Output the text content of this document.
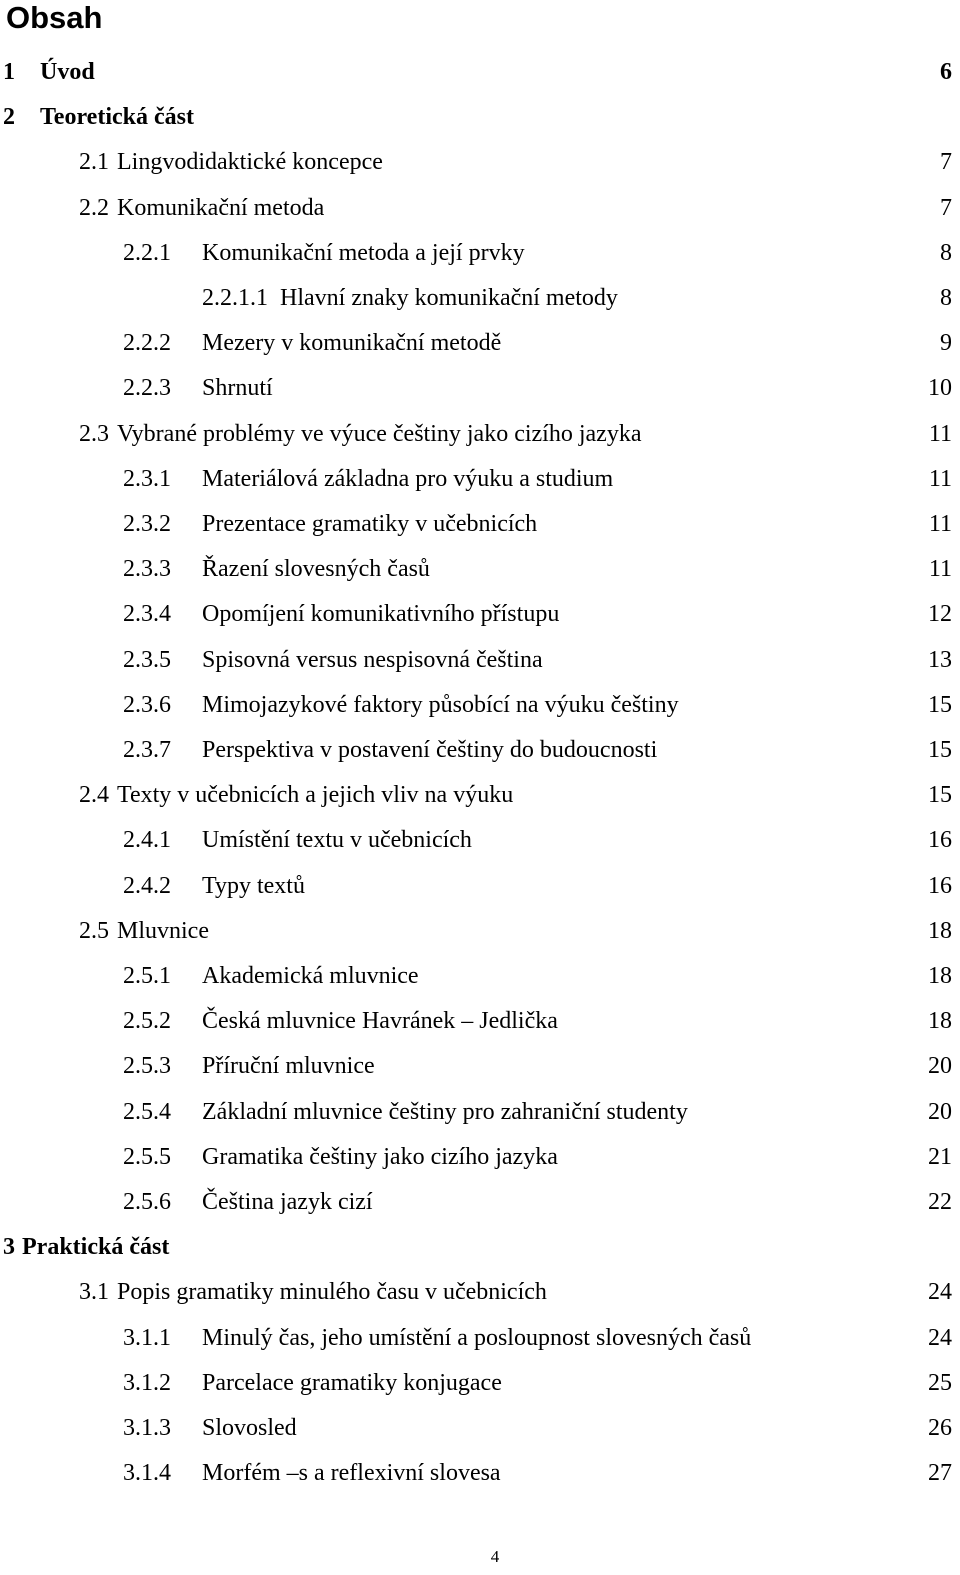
Obsah
1 Úvod	6
2 Teoretická část
2.1 Lingvodidaktické koncepce	7
2.2 Komunikační metoda	7
2.2.1 Komunikační metoda a její prvky	8
2.2.1.1 Hlavní znaky komunikační metody	8
2.2.2 Mezery v komunikační metodě	9
2.2.3 Shrnutí	10
2.3 Vybrané problémy ve výuce češtiny jako cizího jazyka	11
2.3.1 Materiálová základna pro výuku a studium	11
2.3.2 Prezentace gramatiky v učebnicích	11
2.3.3 Řazení slovesných časů	11
2.3.4 Opomíjení komunikativního přístupu	12
2.3.5 Spisovná versus nespisovná čeština	13
2.3.6 Mimojazykové faktory působící na výuku češtiny	15
2.3.7 Perspektiva v postavení češtiny do budoucnosti	15
2.4 Texty v učebnicích a jejich vliv na výuku	15
2.4.1 Umístění textu v učebnicích	16
2.4.2 Typy textů	16
2.5 Mluvnice	18
2.5.1 Akademická mluvnice	18
2.5.2 Česká mluvnice Havránek – Jedlička	18
2.5.3 Příruční mluvnice	20
2.5.4 Základní mluvnice češtiny pro zahraniční studenty	20
2.5.5 Gramatika češtiny jako cizího jazyka	21
2.5.6 Čeština jazyk cizí	22
3 Praktická část
3.1 Popis gramatiky minulého času v učebnicích	24
3.1.1 Minulý čas, jeho umístění a posloupnost slovesných časů	24
3.1.2 Parcelace gramatiky konjugace	25
3.1.3 Slovosled	26
3.1.4 Morfém –s a reflexivní slovesa	27
4
